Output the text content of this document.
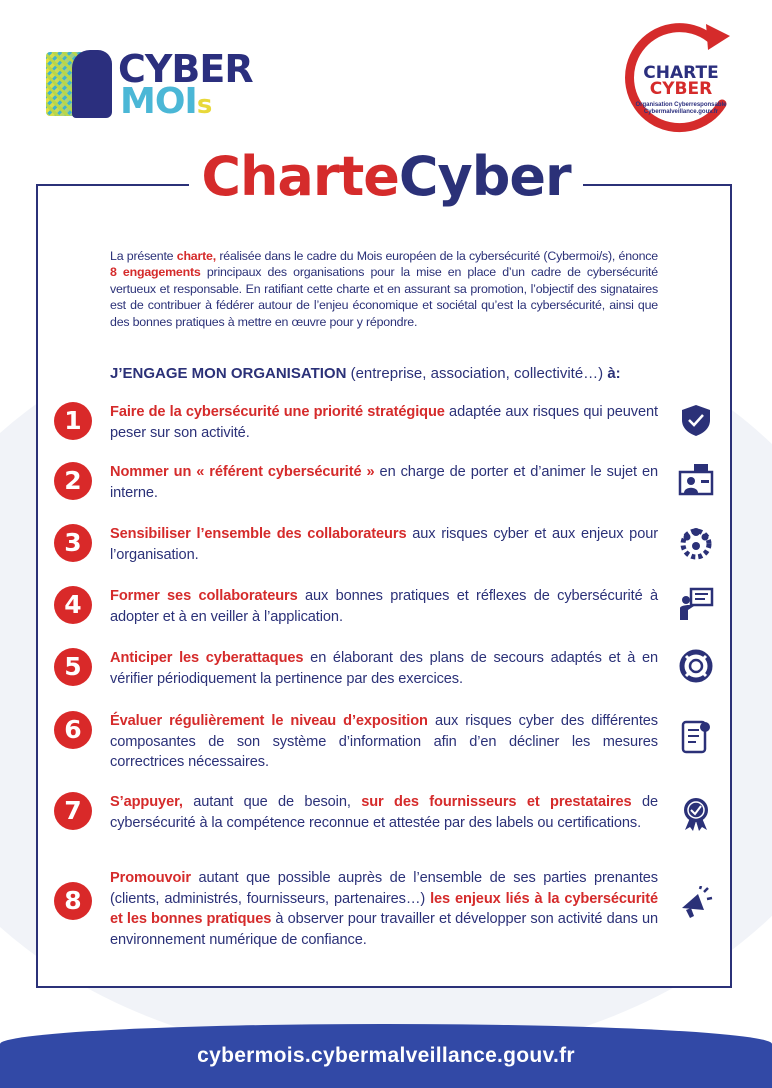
CYBER
MOIs
CHARTE
CYBER
Organisation Cyberresponsable
Cybermalveillance.gouv.fr
CharteCyber
La présente charte, réalisée dans le cadre du Mois européen de la cybersécurité (Cybermoi/s), énonce 8 engagements principaux des organisations pour la mise en place d’un cadre de cybersécurité vertueux et responsable. En ratifiant cette charte et en assurant sa promotion, l’objectif des signataires est de contribuer à fédérer autour de l’enjeu économique et sociétal qu’est la cybersécurité, ainsi que des bonnes pratiques à mettre en œuvre pour y répondre.
J’ENGAGE MON ORGANISATION (entreprise, association, collectivité…) à:
1	Faire de la cybersécurité une priorité stratégique adaptée aux risques qui peuvent peser sur son activité.
2	Nommer un « référent cybersécurité » en charge de porter et d’animer le sujet en interne.
3	Sensibiliser l’ensemble des collaborateurs aux risques cyber et aux enjeux pour l’organisation.
4	Former ses collaborateurs aux bonnes pratiques et réflexes de cybersécurité à adopter et à en veiller à l’application.
5	Anticiper les cyberattaques en élaborant des plans de secours adaptés et à en vérifier périodiquement la pertinence par des exercices.
6	Évaluer régulièrement le niveau d’exposition aux risques cyber des différentes composantes de son système d’information afin d’en décliner les mesures correctrices nécessaires.
7	S’appuyer, autant que de besoin, sur des fournisseurs et prestataires de cybersécurité à la compétence reconnue et attestée par des labels ou certifications.
8
Promouvoir autant que possible auprès de l’ensemble de ses parties prenantes (clients, administrés, fournisseurs, partenaires…) les enjeux liés à la cybersécurité et les bonnes pratiques à observer pour travailler et développer son activité dans un environnement numérique de confiance.
cybermois.cybermalveillance.gouv.fr
